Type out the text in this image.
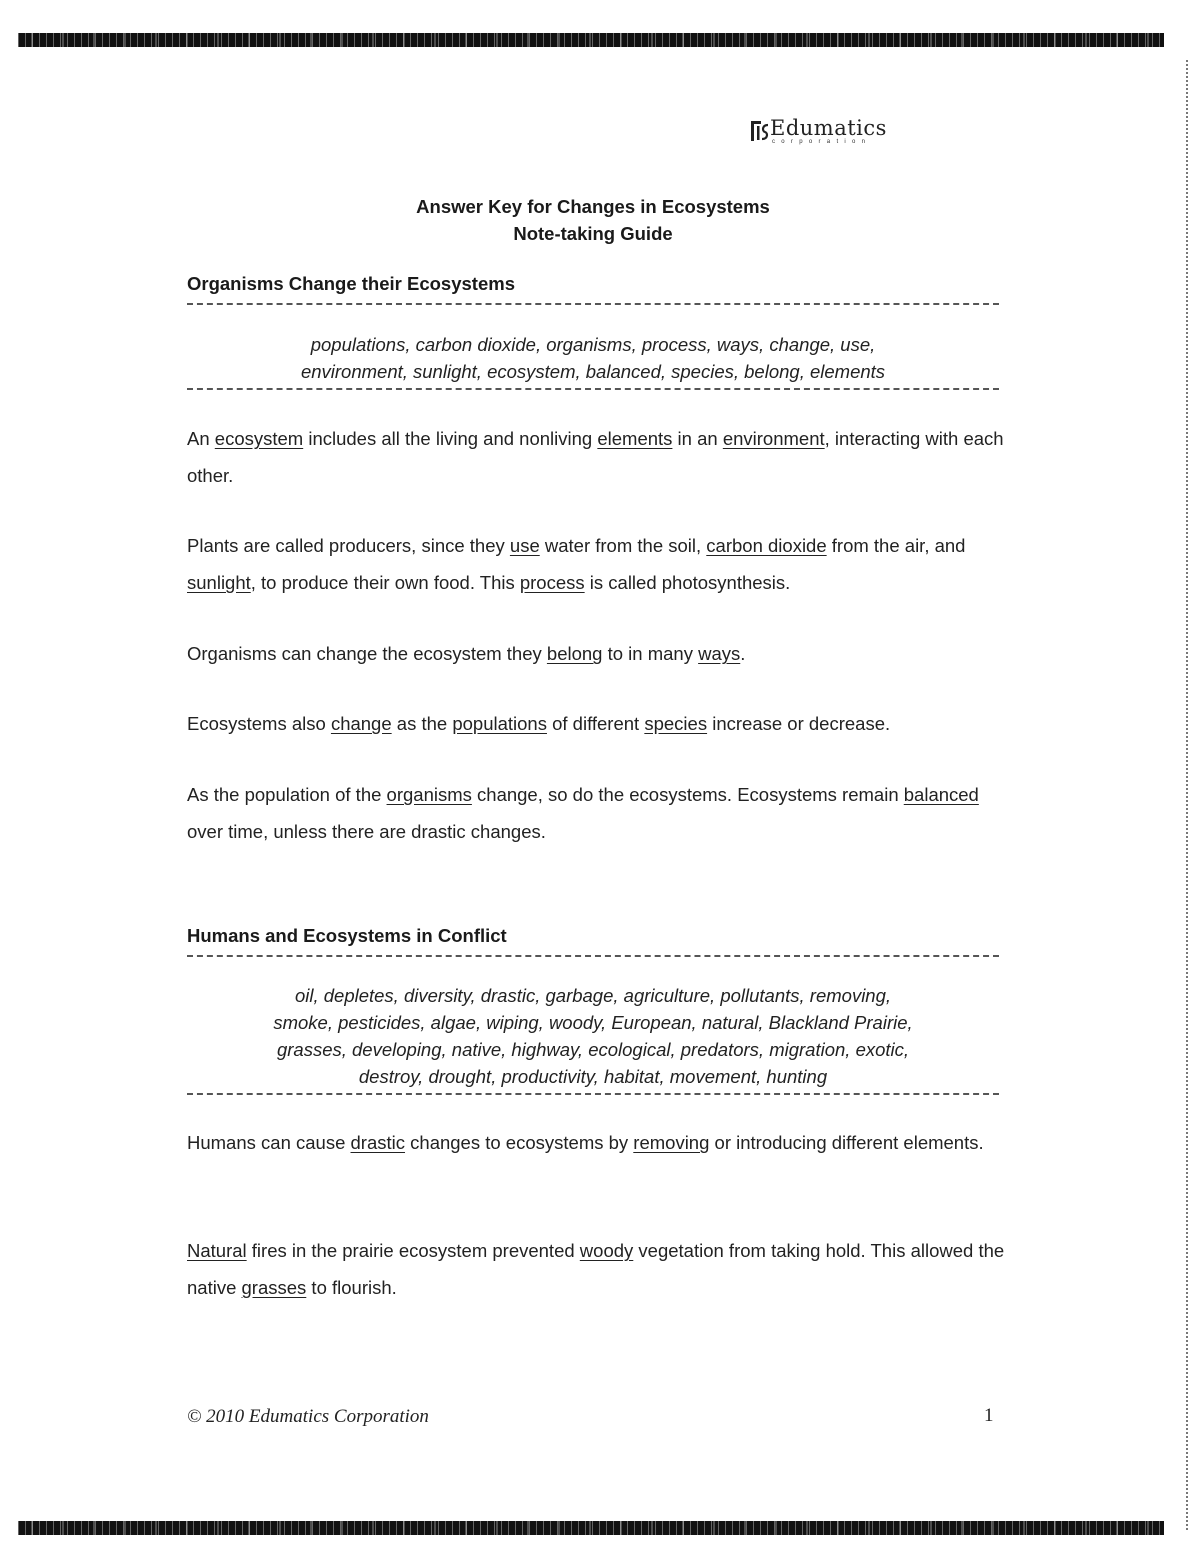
Edumatics
corporation
Answer Key for Changes in Ecosystems
Note-taking Guide
Organisms Change their Ecosystems
populations, carbon dioxide, organisms, process, ways, change, use,
environment, sunlight, ecosystem, balanced, species, belong, elements
An ecosystem includes all the living and nonliving elements in an environment, interacting with each other.
Plants are called producers, since they use water from the soil, carbon dioxide from the air, and sunlight, to produce their own food. This process is called photosynthesis.
Organisms can change the ecosystem they belong to in many ways.
Ecosystems also change as the populations of different species increase or decrease.
As the population of the organisms change, so do the ecosystems. Ecosystems remain balanced over time, unless there are drastic changes.
Humans and Ecosystems in Conflict
oil, depletes, diversity, drastic, garbage, agriculture, pollutants, removing,
smoke, pesticides, algae, wiping, woody, European, natural, Blackland Prairie,
grasses, developing, native, highway, ecological, predators, migration, exotic,
destroy, drought, productivity, habitat, movement, hunting
Humans can cause drastic changes to ecosystems by removing or introducing different elements.
Natural fires in the prairie ecosystem prevented woody vegetation from taking hold. This allowed the native grasses to flourish.
© 2010 Edumatics Corporation	1
